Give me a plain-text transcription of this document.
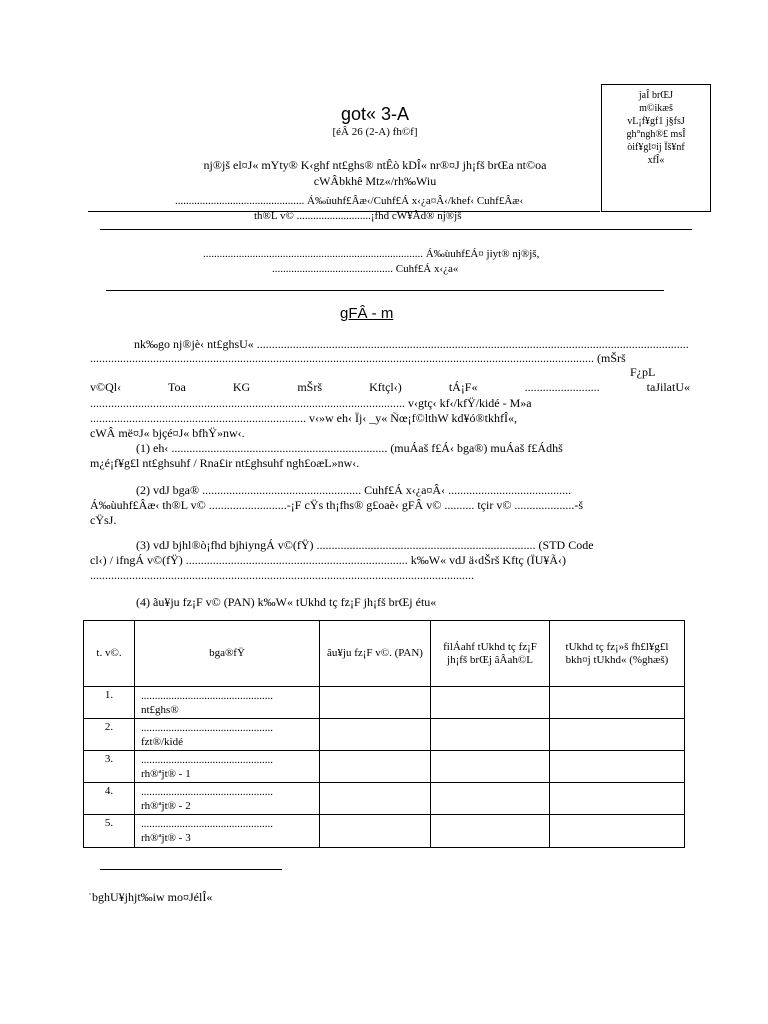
jaÎ brŒJ
m©ikæš
vL¡f¥gf1 j§fsJ
gh°ngh®£ msÎ
òif¥gl¤ij Ïš¥nf
xfÎ«
got« 3-A
[éÂ 26 (2-A) fh©f]
nj®jš el¤J« mYty® K‹ghf nt£ghs® ntÊò kDÎ« nr®¤J jh¡fš brŒa nt©oa
cWÂbkhê Mtz«/rh‰Wiu
............................................... Á‰ùuhf£Âæ‹/Cuhf£Á x‹¿a¤Â‹/khef‹ Cuhf£Âæ‹
th®L v© ...........................¡fhd cW¥Ãd® nj®jš
................................................................................ Á‰ùuhf£Á¤ jiyt® nj®jš,
............................................ Cuhf£Á x‹¿a«
gFÂ - m
nk‰go nj®jè‹ nt£ghsU« ................................................................................................................................................
........................................................................................................................................................................ (mŠrš
F¿pL
v©Ql‹ Toa KG mŠrš Kftçl‹) tÁ¡F« ......................... taJilatU«
......................................................................................................... v‹gtç‹ kf‹/kfŸ/kidé - M»a
........................................................................ v‹»w eh‹ Ïj‹ _y« Ñœ¡f©lthW kd¥ó®tkhfÎ«,
cWÂ më¤J« bjçé¤J« bfhŸ»nw‹.
(1) eh‹ ........................................................................ (muÁaš f£Á‹ bga®) muÁaš f£Ádhš
m¿é¡f¥g£l nt£ghsuhf / Rna£ir nt£ghsuhf ngh£oæL»nw‹.
(2) vdJ bga® ..................................................... Cuhf£Á x‹¿a¤Â‹ .........................................
Á‰ùuhf£Âæ‹ th®L v© ..........................-¡F cŸs th¡fhs® g£oaè‹ gFÂ v© .......... tçir v© ....................-š
cŸsJ.
(3) vdJ bjhl®ò¡fhd bjhiyngÁ v©(fŸ) ......................................................................... (STD Code
cl‹) / ifngÁ v©(fŸ) .......................................................................... k‰W« vdJ ä‹dŠrš Kftç (ÏU¥Ã‹)
................................................................................................................................
(4) ãu¥ju fz¡F v© (PAN) k‰W« tUkhd tç fz¡F jh¡fš brŒj étu«
t. v©.	bga®fŸ	ãu¥ju fz¡F v©. (PAN)	filÁahf tUkhd tç fz¡F jh¡fš brŒj âÂah©L	tUkhd tç fz¡»š fh£l¥g£l bkh¤j tUkhd« (%ghæš)
1.	................................................
nt£ghs®			

2.	................................................
fzt®/kidé			

3.	................................................
rh®ªjt® - 1			

4.	................................................
rh®ªjt® - 2			

5.	................................................
rh®ªjt® - 3			

˙bghU¥jhjt‰iw mo¤JélÎ«
